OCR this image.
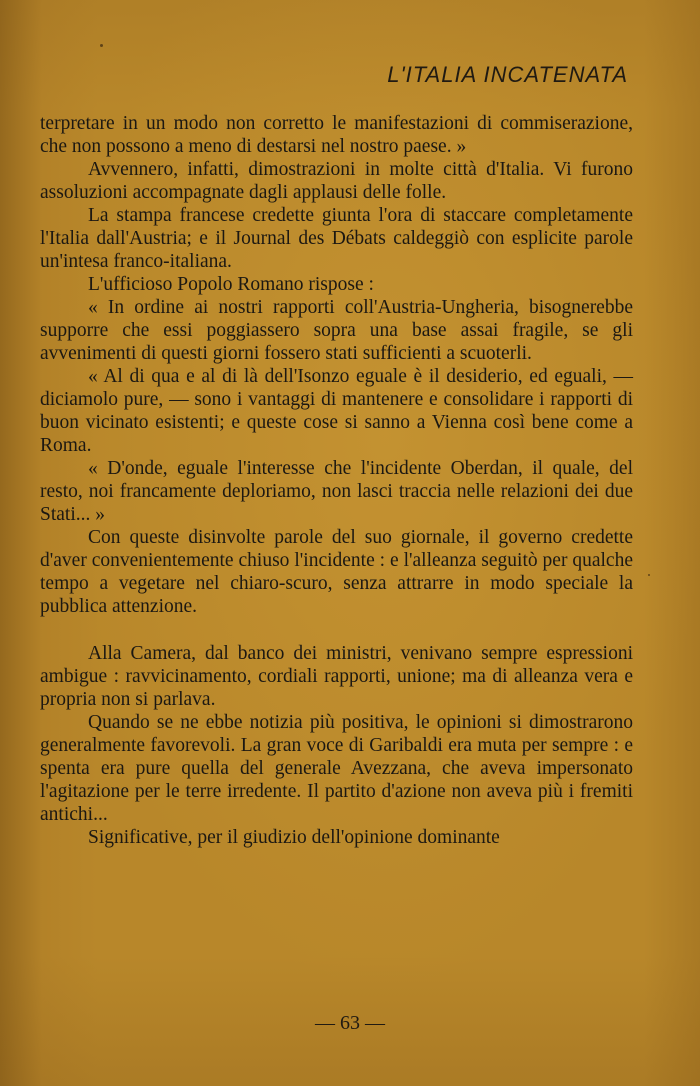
L'ITALIA INCATENATA

terpretare in un modo non corretto le manifestazioni di commiserazione, che non possono a meno di destarsi nel nostro paese. »

Avvennero, infatti, dimostrazioni in molte città d'Italia. Vi furono assoluzioni accompagnate dagli applausi delle folle.

La stampa francese credette giunta l'ora di staccare completamente l'Italia dall'Austria; e il Journal des Débats caldeggiò con esplicite parole un'intesa franco-italiana.

L'ufficioso Popolo Romano rispose :

« In ordine ai nostri rapporti coll'Austria-Ungheria, bisognerebbe supporre che essi poggiassero sopra una base assai fragile, se gli avvenimenti di questi giorni fossero stati sufficienti a scuoterli.

« Al di qua e al di là dell'Isonzo eguale è il desiderio, ed eguali, — diciamolo pure, — sono i vantaggi di mantenere e consolidare i rapporti di buon vicinato esistenti; e queste cose si sanno a Vienna così bene come a Roma.

« D'onde, eguale l'interesse che l'incidente Oberdan, il quale, del resto, noi francamente deploriamo, non lasci traccia nelle relazioni dei due Stati... »

Con queste disinvolte parole del suo giornale, il governo credette d'aver convenientemente chiuso l'incidente : e l'alleanza seguitò per qualche tempo a vegetare nel chiaro-scuro, senza attrarre in modo speciale la pubblica attenzione.

Alla Camera, dal banco dei ministri, venivano sempre espressioni ambigue : ravvicinamento, cordiali rapporti, unione; ma di alleanza vera e propria non si parlava.

Quando se ne ebbe notizia più positiva, le opinioni si dimostrarono generalmente favorevoli. La gran voce di Garibaldi era muta per sempre : e spenta era pure quella del generale Avezzana, che aveva impersonato l'agitazione per le terre irredente. Il partito d'azione non aveva più i fremiti antichi...

Significative, per il giudizio dell'opinione dominante

— 63 —
